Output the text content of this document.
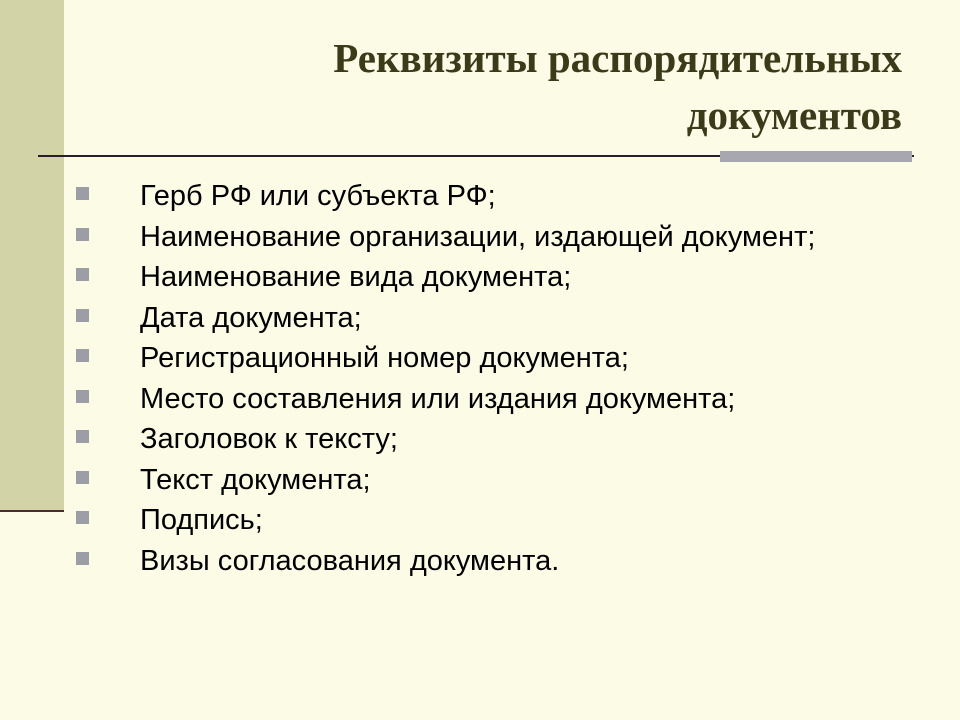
Реквизиты распорядительных
документов
Герб РФ или субъекта РФ;
Наименование организации, издающей документ;
Наименование вида документа;
Дата документа;
Регистрационный номер документа;
Место составления или издания документа;
Заголовок к тексту;
Текст документа;
Подпись;
Визы согласования документа.
